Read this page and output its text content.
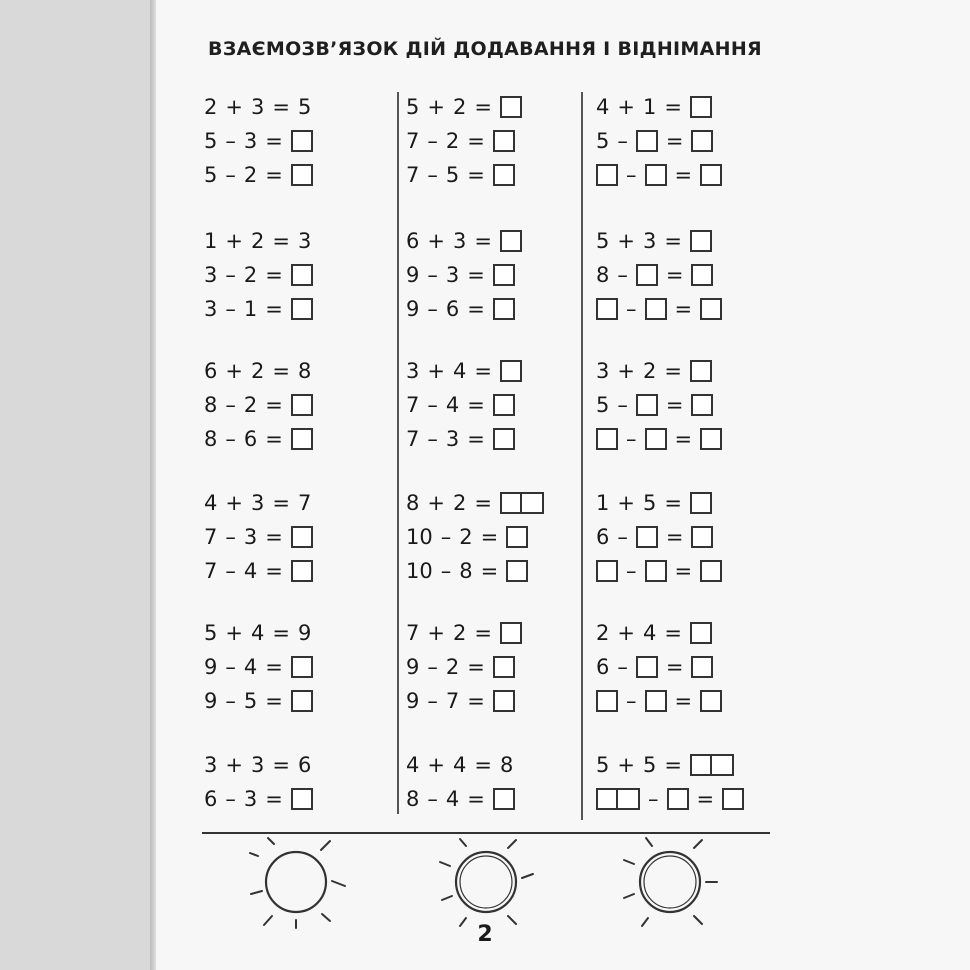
ВЗАЄМОЗВ’ЯЗОК ДІЙ ДОДАВАННЯ І ВІДНІМАННЯ
2 + 3 = 5
5 – 3 =
5 – 2 =
1 + 2 = 3
3 – 2 =
3 – 1 =
6 + 2 = 8
8 – 2 =
8 – 6 =
4 + 3 = 7
7 – 3 =
7 – 4 =
5 + 4 = 9
9 – 4 =
9 – 5 =
3 + 3 = 6
6 – 3 =
5 + 2 =
7 – 2 =
7 – 5 =
6 + 3 =
9 – 3 =
9 – 6 =
3 + 4 =
7 – 4 =
7 – 3 =
8 + 2 =
10 – 2 =
10 – 8 =
7 + 2 =
9 – 2 =
9 – 7 =
4 + 4 = 8
8 – 4 =
4 + 1 =
5 – =
– =
5 + 3 =
8 – =
– =
3 + 2 =
5 – =
– =
1 + 5 =
6 – =
– =
2 + 4 =
6 – =
– =
5 + 5 =
– =
2
